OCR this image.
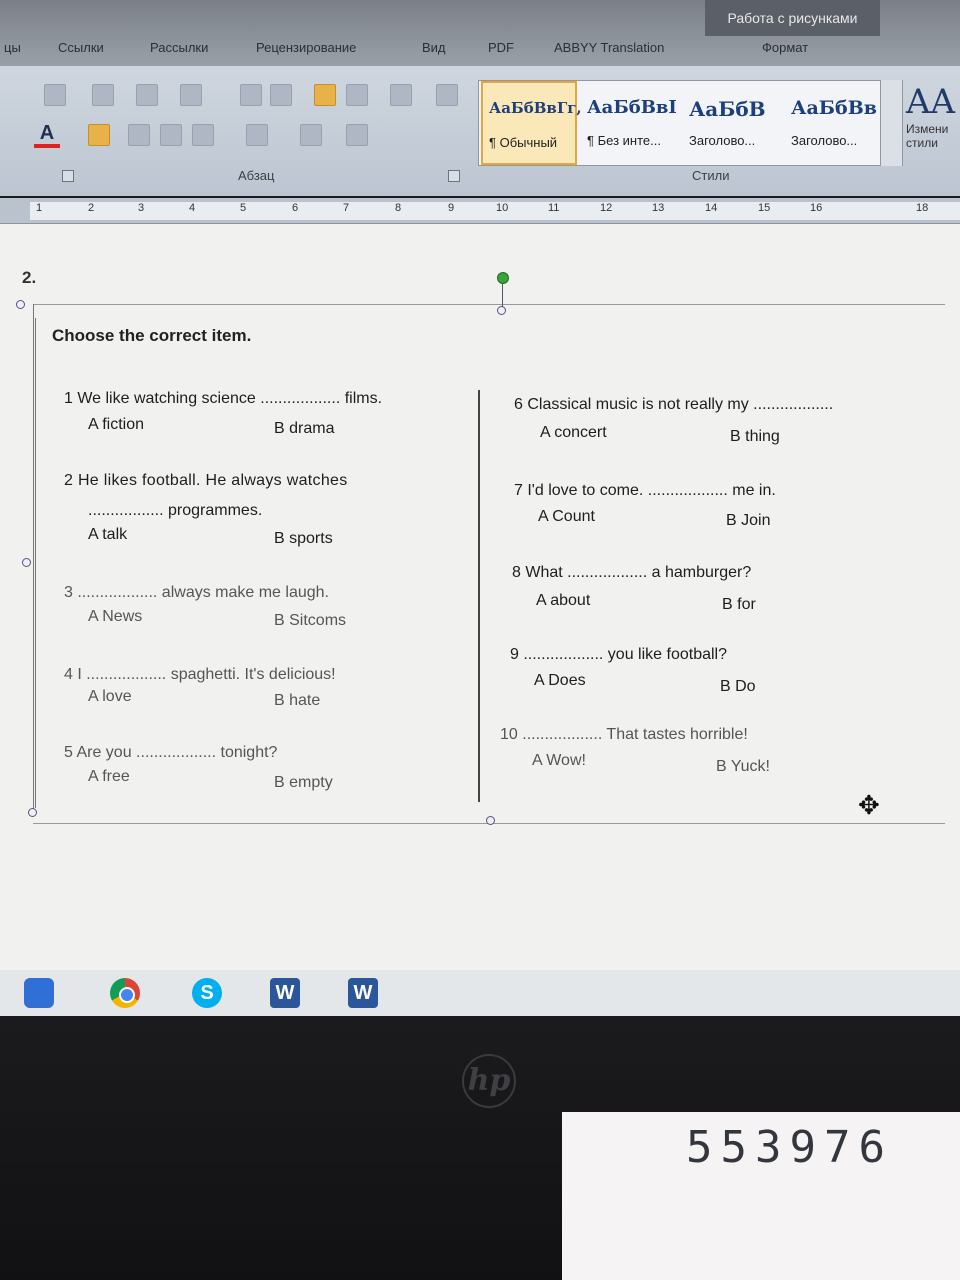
Работа с рисунками
цы	Ссылки	Рассылки	Рецензирование	Вид	PDF	ABBYY Translation	Формат
A
Абзац
АаБбВвГг,
¶ Обычный
АаБбВвІ
¶ Без инте...
АаБбВ
Заголово...
АаБбВв
Заголово...
AA
Измени
стили
Стили
1	2	3	4	5	6	7	8	9	10	11	12	13	14	15	16	18
2.
Choose the correct item.
1 We like watching science .................. films.
A fiction	B drama
2 He likes football. He always watches
................. programmes.
A talk	B sports
3 .................. always make me laugh.
A News	B Sitcoms
4 I .................. spaghetti. It's delicious!
A love	B hate
5 Are you .................. tonight?
A free	B empty
6 Classical music is not really my ..................
A concert	B thing
7 I'd love to come. .................. me in.
A Count	B Join
8 What .................. a hamburger?
A about	B for
9 .................. you like football?
A Does	B Do
10 .................. That tastes horrible!
A Wow!	B Yuck!
✥
S	W	W
hp
553976
